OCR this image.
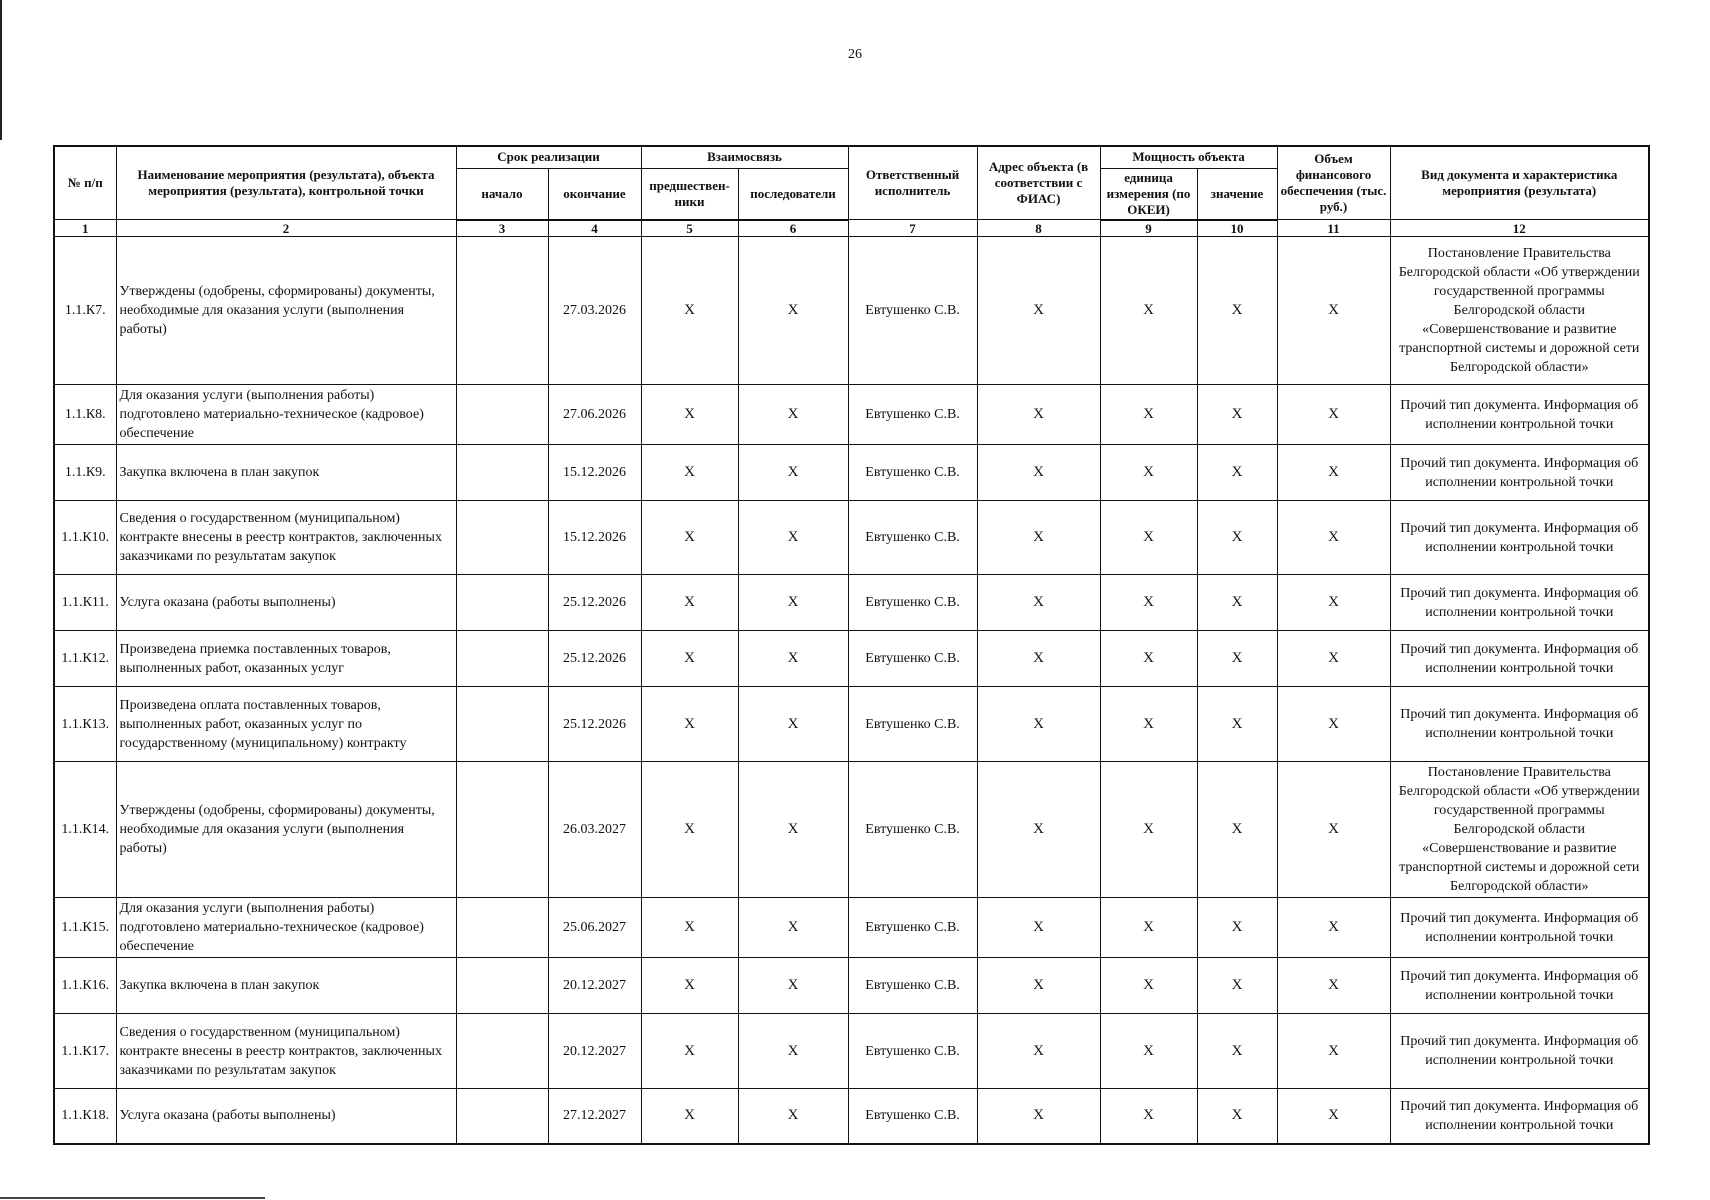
26
№ п/п	Наименование мероприятия (результата), объекта мероприятия (результата), контрольной точки	Срок реализации		Взаимосвязь		Ответственный исполнитель	Адрес объекта (в соответствии с ФИАС)	Мощность объекта		Объем финансового обеспечения (тыс. руб.)	Вид документа и характеристика мероприятия (результата)
		начало	окончание	предшествен-ники	последователи			единица измерения (по ОКЕИ)	значение		
1	2	3	4	5	6	7	8	9	10	11	12
1.1.К7.	Утверждены (одобрены, сформированы) документы, необходимые для оказания услуги (выполнения работы)		27.03.2026	X	X	Евтушенко С.В.	X	X	X	X	Постановление Правительства Белгородской области «Об утверждении государственной программы Белгородской области «Совершенствование и развитие транспортной системы и дорожной сети Белгородской области»
1.1.К8.	Для оказания услуги (выполнения работы) подготовлено материально-техническое (кадровое) обеспечение		27.06.2026	X	X	Евтушенко С.В.	X	X	X	X	Прочий тип документа. Информация об исполнении контрольной точки
1.1.К9.	Закупка включена в план закупок		15.12.2026	X	X	Евтушенко С.В.	X	X	X	X	Прочий тип документа. Информация об исполнении контрольной точки
1.1.К10.	Сведения о государственном (муниципальном) контракте внесены в реестр контрактов, заключенных заказчиками по результатам закупок		15.12.2026	X	X	Евтушенко С.В.	X	X	X	X	Прочий тип документа. Информация об исполнении контрольной точки
1.1.К11.	Услуга оказана (работы выполнены)		25.12.2026	X	X	Евтушенко С.В.	X	X	X	X	Прочий тип документа. Информация об исполнении контрольной точки
1.1.К12.	Произведена приемка поставленных товаров, выполненных работ, оказанных услуг		25.12.2026	X	X	Евтушенко С.В.	X	X	X	X	Прочий тип документа. Информация об исполнении контрольной точки
1.1.К13.	Произведена оплата поставленных товаров, выполненных работ, оказанных услуг по государственному (муниципальному) контракту		25.12.2026	X	X	Евтушенко С.В.	X	X	X	X	Прочий тип документа. Информация об исполнении контрольной точки
1.1.К14.	Утверждены (одобрены, сформированы) документы, необходимые для оказания услуги (выполнения работы)		26.03.2027	X	X	Евтушенко С.В.	X	X	X	X	Постановление Правительства Белгородской области «Об утверждении государственной программы Белгородской области «Совершенствование и развитие транспортной системы и дорожной сети Белгородской области»
1.1.К15.	Для оказания услуги (выполнения работы) подготовлено материально-техническое (кадровое) обеспечение		25.06.2027	X	X	Евтушенко С.В.	X	X	X	X	Прочий тип документа. Информация об исполнении контрольной точки
1.1.К16.	Закупка включена в план закупок		20.12.2027	X	X	Евтушенко С.В.	X	X	X	X	Прочий тип документа. Информация об исполнении контрольной точки
1.1.К17.	Сведения о государственном (муниципальном) контракте внесены в реестр контрактов, заключенных заказчиками по результатам закупок		20.12.2027	X	X	Евтушенко С.В.	X	X	X	X	Прочий тип документа. Информация об исполнении контрольной точки
1.1.К18.	Услуга оказана (работы выполнены)		27.12.2027	X	X	Евтушенко С.В.	X	X	X	X	Прочий тип документа. Информация об исполнении контрольной точки
